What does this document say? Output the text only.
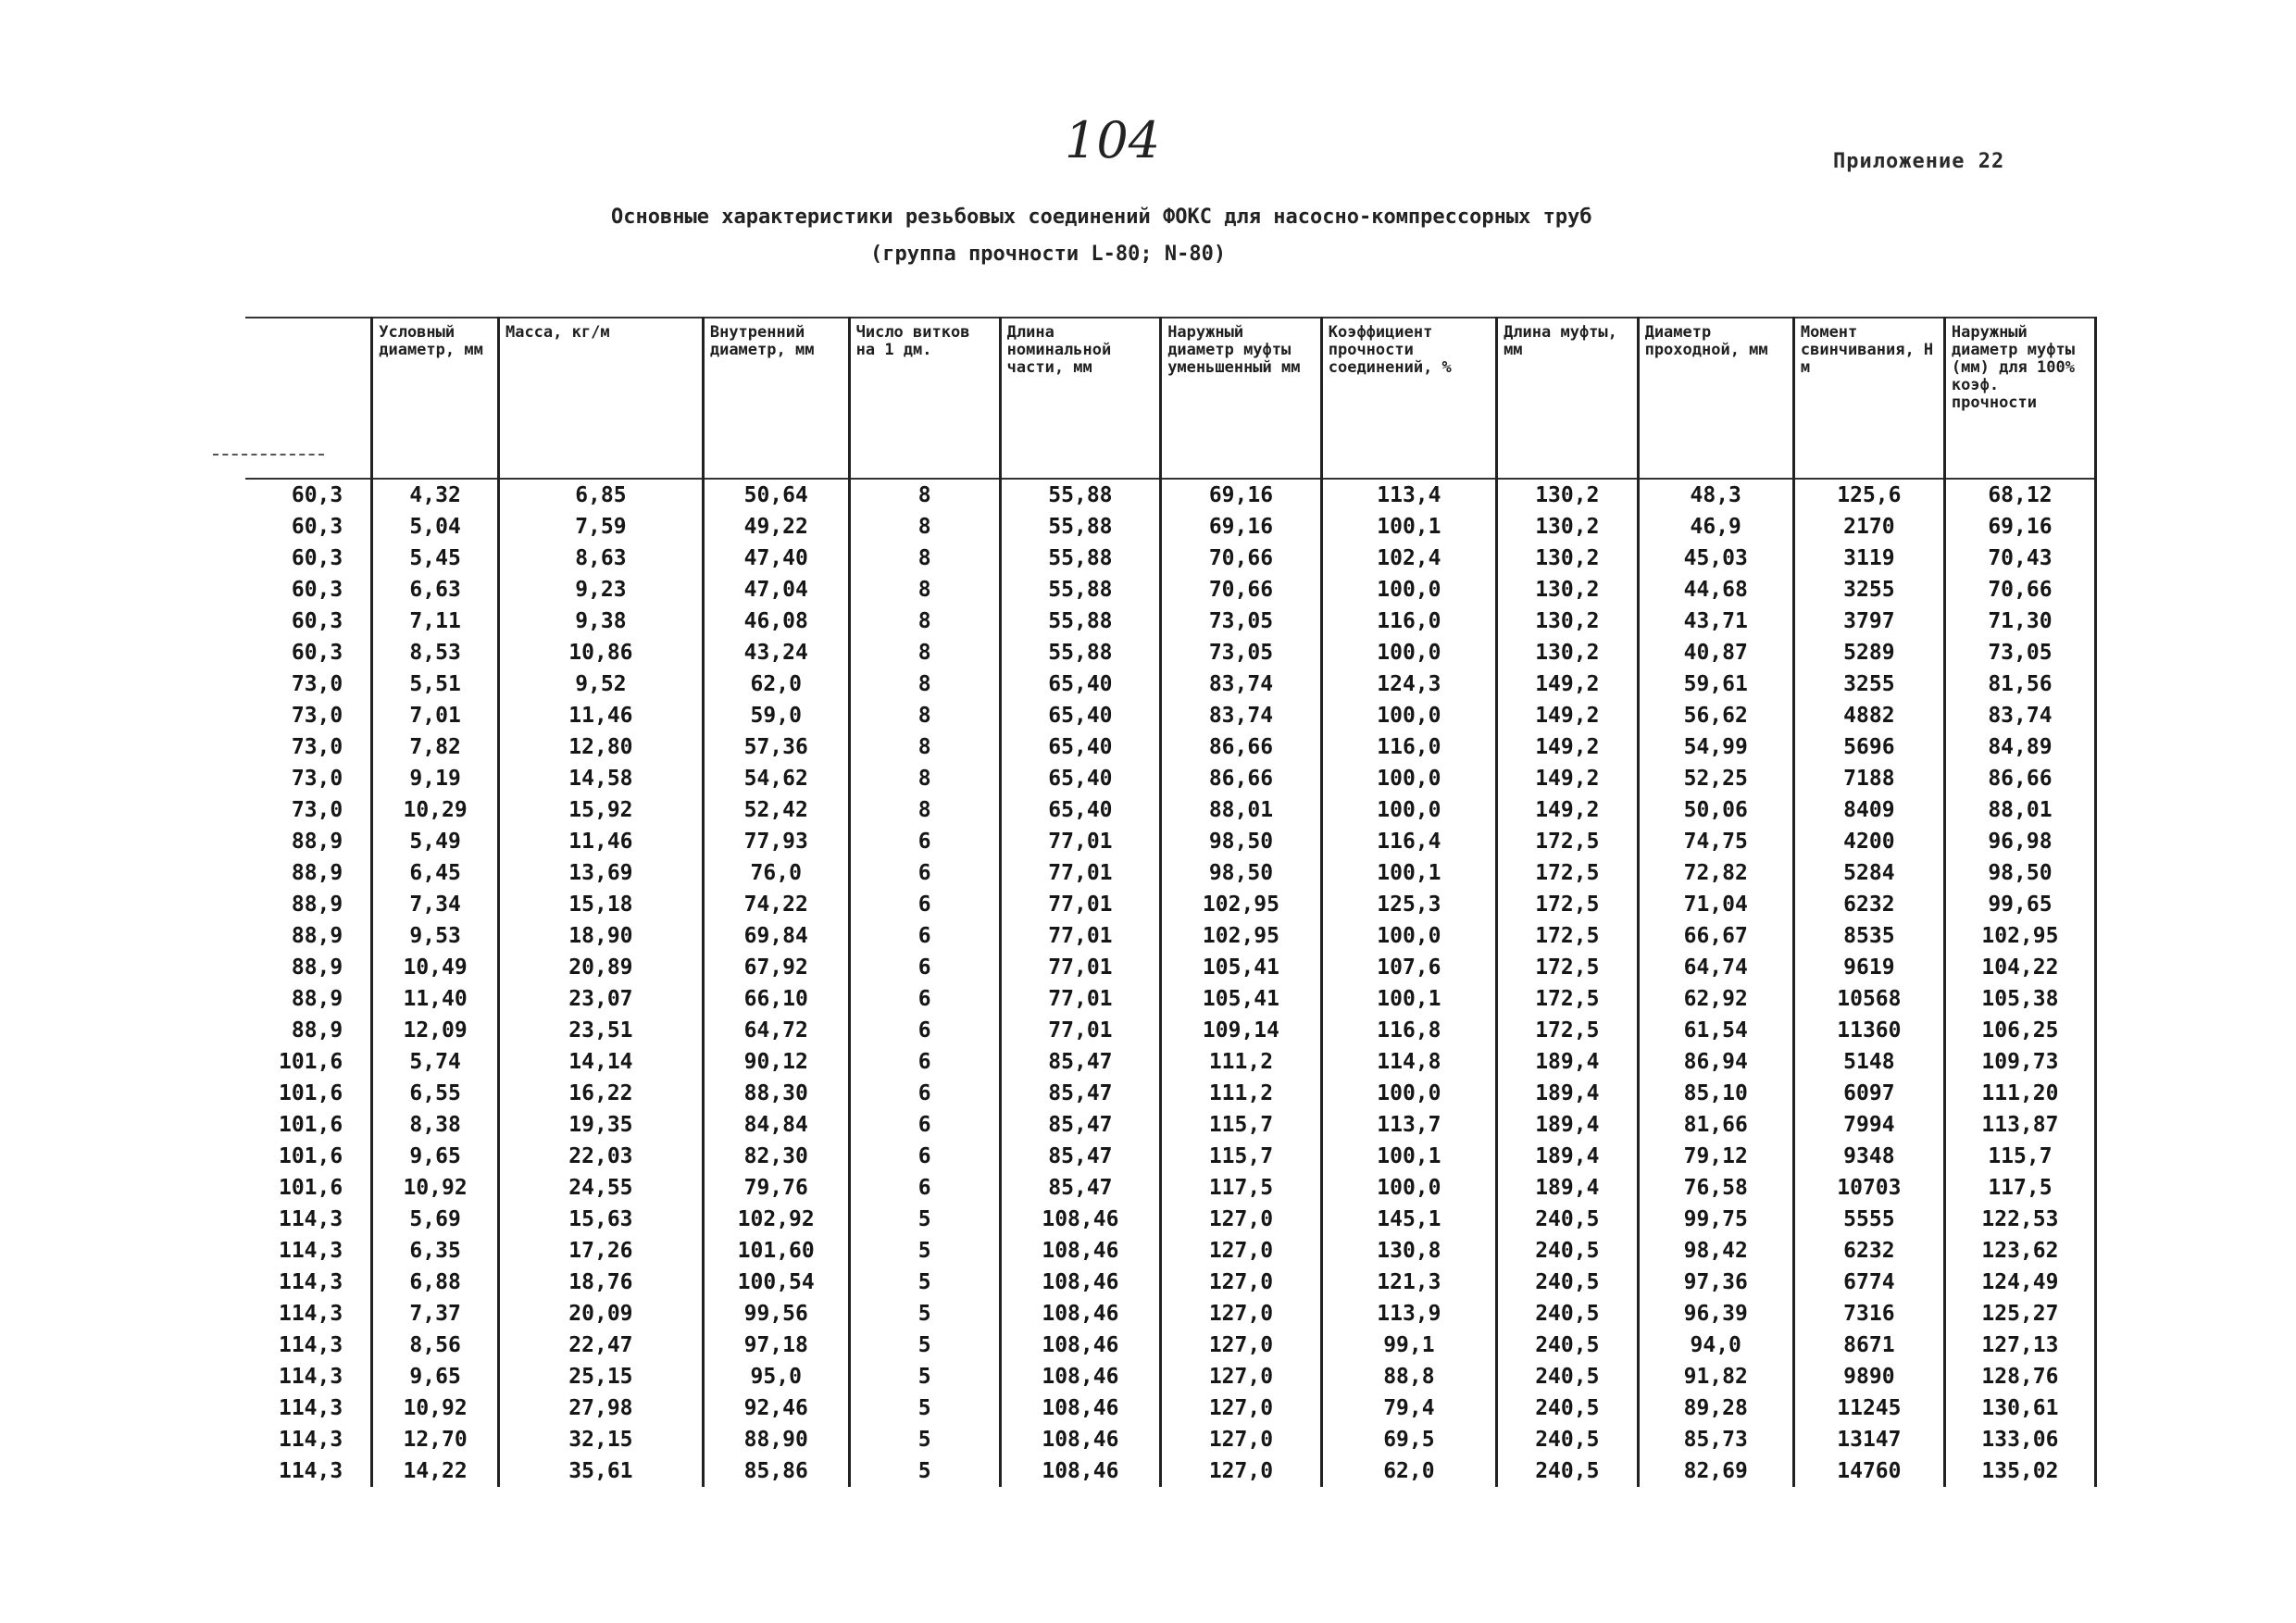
104	Приложение 22
Основные характеристики резьбовых соединений ФОКС для насосно-компрессорных труб
(группа прочности L-80; N-80)
	Условный диаметр, мм	Масса, кг/м	Внутренний диаметр, мм	Число витков на 1 дм.	Длина номинальной части, мм	Наружный диаметр муфты уменьшенный мм	Коэффициент прочности соединений, %	Длина муфты, мм	Диаметр проходной, мм	Момент свинчивания, Н м	Наружный диаметр муфты (мм) для 100% коэф. прочности
60,3	4,32	6,85	50,64	8	55,88	69,16	113,4	130,2	48,3	125,6	68,12
60,3	5,04	7,59	49,22	8	55,88	69,16	100,1	130,2	46,9	2170	69,16
60,3	5,45	8,63	47,40	8	55,88	70,66	102,4	130,2	45,03	3119	70,43
60,3	6,63	9,23	47,04	8	55,88	70,66	100,0	130,2	44,68	3255	70,66
60,3	7,11	9,38	46,08	8	55,88	73,05	116,0	130,2	43,71	3797	71,30
60,3	8,53	10,86	43,24	8	55,88	73,05	100,0	130,2	40,87	5289	73,05
73,0	5,51	9,52	62,0	8	65,40	83,74	124,3	149,2	59,61	3255	81,56
73,0	7,01	11,46	59,0	8	65,40	83,74	100,0	149,2	56,62	4882	83,74
73,0	7,82	12,80	57,36	8	65,40	86,66	116,0	149,2	54,99	5696	84,89
73,0	9,19	14,58	54,62	8	65,40	86,66	100,0	149,2	52,25	7188	86,66
73,0	10,29	15,92	52,42	8	65,40	88,01	100,0	149,2	50,06	8409	88,01
88,9	5,49	11,46	77,93	6	77,01	98,50	116,4	172,5	74,75	4200	96,98
88,9	6,45	13,69	76,0	6	77,01	98,50	100,1	172,5	72,82	5284	98,50
88,9	7,34	15,18	74,22	6	77,01	102,95	125,3	172,5	71,04	6232	99,65
88,9	9,53	18,90	69,84	6	77,01	102,95	100,0	172,5	66,67	8535	102,95
88,9	10,49	20,89	67,92	6	77,01	105,41	107,6	172,5	64,74	9619	104,22
88,9	11,40	23,07	66,10	6	77,01	105,41	100,1	172,5	62,92	10568	105,38
88,9	12,09	23,51	64,72	6	77,01	109,14	116,8	172,5	61,54	11360	106,25
101,6	5,74	14,14	90,12	6	85,47	111,2	114,8	189,4	86,94	5148	109,73
101,6	6,55	16,22	88,30	6	85,47	111,2	100,0	189,4	85,10	6097	111,20
101,6	8,38	19,35	84,84	6	85,47	115,7	113,7	189,4	81,66	7994	113,87
101,6	9,65	22,03	82,30	6	85,47	115,7	100,1	189,4	79,12	9348	115,7
101,6	10,92	24,55	79,76	6	85,47	117,5	100,0	189,4	76,58	10703	117,5
114,3	5,69	15,63	102,92	5	108,46	127,0	145,1	240,5	99,75	5555	122,53
114,3	6,35	17,26	101,60	5	108,46	127,0	130,8	240,5	98,42	6232	123,62
114,3	6,88	18,76	100,54	5	108,46	127,0	121,3	240,5	97,36	6774	124,49
114,3	7,37	20,09	99,56	5	108,46	127,0	113,9	240,5	96,39	7316	125,27
114,3	8,56	22,47	97,18	5	108,46	127,0	99,1	240,5	94,0	8671	127,13
114,3	9,65	25,15	95,0	5	108,46	127,0	88,8	240,5	91,82	9890	128,76
114,3	10,92	27,98	92,46	5	108,46	127,0	79,4	240,5	89,28	11245	130,61
114,3	12,70	32,15	88,90	5	108,46	127,0	69,5	240,5	85,73	13147	133,06
114,3	14,22	35,61	85,86	5	108,46	127,0	62,0	240,5	82,69	14760	135,02
